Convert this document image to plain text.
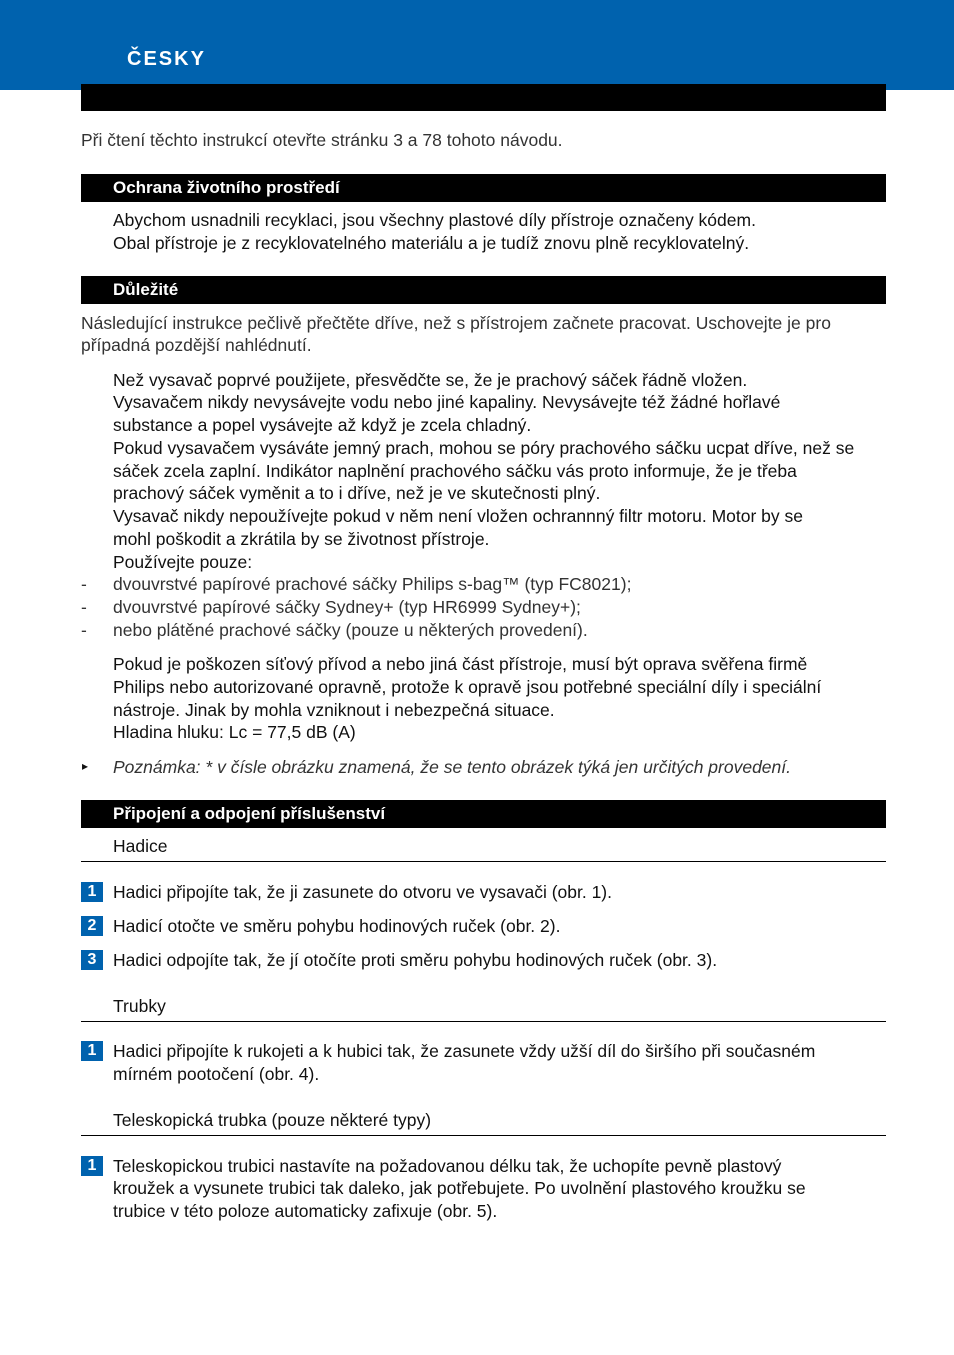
ČESKY
Při čtení těchto instrukcí otevřte stránku 3 a 78 tohoto návodu.
Ochrana životního prostředí
Abychom usnadnili recyklaci, jsou všechny plastové díly přístroje označeny kódem.
Obal přístroje je z recyklovatelného materiálu a je tudíž znovu plně recyklovatelný.
Důležité
Následující instrukce pečlivě přečtěte dříve, než s přístrojem začnete pracovat. Uschovejte je pro
případná pozdější nahlédnutí.
Než vysavač poprvé použijete, přesvědčte se, že je prachový sáček řádně vložen.
Vysavačem nikdy nevysávejte vodu nebo jiné kapaliny. Nevysávejte též žádné hořlavé
substance a popel vysávejte až když je zcela chladný.
Pokud vysavačem vysáváte jemný prach, mohou se póry prachového sáčku ucpat dříve, než se
sáček zcela zaplní. Indikátor naplnění prachového sáčku vás proto informuje, že je třeba
prachový sáček vyměnit a to i dříve, než je ve skutečnosti plný.
Vysavač nikdy nepoužívejte pokud v něm není vložen ochrannný filtr motoru. Motor by se
mohl poškodit a zkrátila by se životnost přístroje.
Používejte pouze:
- dvouvrstvé papírové prachové sáčky Philips s-bag™ (typ FC8021);
- dvouvrstvé papírové sáčky Sydney+ (typ HR6999 Sydney+);
- nebo plátěné prachové sáčky (pouze u některých provedení).
Pokud je poškozen síťový přívod a nebo jiná část přístroje, musí být oprava svěřena firmě
Philips nebo autorizované opravně, protože k opravě jsou potřebné speciální díly i speciální
nástroje. Jinak by mohla vzniknout i nebezpečná situace.
Hladina hluku: Lc = 77,5 dB (A)
▸ Poznámka: * v čísle obrázku znamená, že se tento obrázek týká jen určitých provedení.
Připojení a odpojení příslušenství
Hadice
1 Hadici připojíte tak, že ji zasunete do otvoru ve vysavači (obr. 1).
2 Hadicí otočte ve směru pohybu hodinových ruček (obr. 2).
3 Hadici odpojíte tak, že jí otočíte proti směru pohybu hodinových ruček (obr. 3).
Trubky
1 Hadici připojíte k rukojeti a k hubici tak, že zasunete vždy užší díl do širšího při současném
mírném pootočení (obr. 4).
Teleskopická trubka (pouze některé typy)
1 Teleskopickou trubici nastavíte na požadovanou délku tak, že uchopíte pevně plastový
kroužek a vysunete trubici tak daleko, jak potřebujete. Po uvolnění plastového kroužku se
trubice v této poloze automaticky zafixuje (obr. 5).
